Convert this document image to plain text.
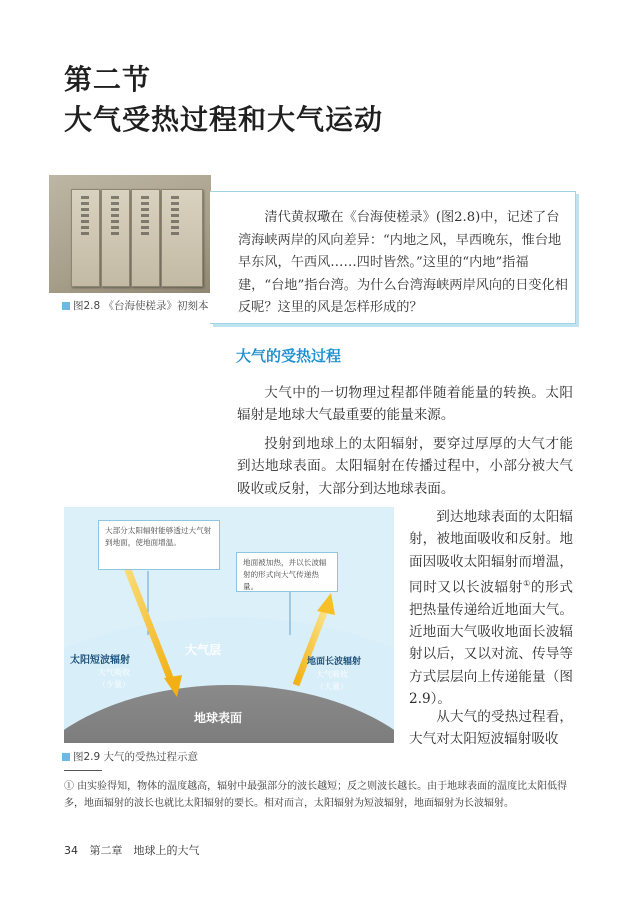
第二节
大气受热过程和大气运动
图2.8 《台海使槎录》初刻本
清代黄叔璥在《台海使槎录》(图2.8)中，记述了台湾海峡两岸的风向差异：“内地之风，早西晚东，惟台地早东风，午西风……四时皆然。”这里的“内地”指福建，“台地”指台湾。为什么台湾海峡两岸风向的日变化相反呢？这里的风是怎样形成的？
大气的受热过程
大气中的一切物理过程都伴随着能量的转换。太阳辐射是地球大气最重要的能量来源。
投射到地球上的太阳辐射，要穿过厚厚的大气才能到达地球表面。太阳辐射在传播过程中，小部分被大气吸收或反射，大部分到达地球表面。
到达地球表面的太阳辐射，被地面吸收和反射。地面因吸收太阳辐射而增温，同时又以长波辐射①的形式把热量传递给近地面大气。近地面大气吸收地面长波辐射以后，又以对流、传导等方式层层向上传递能量（图2.9）。
从大气的受热过程看，大气对太阳短波辐射吸收
大部分太阳辐射能够透过大气射到地面，使地面增温。
地面被加热，并以长波辐射的形式向大气传递热量。
大气层
太阳短波辐射
大气吸收
（少量）
地面长波辐射
大气吸收
（大量）
地球表面
图2.9 大气的受热过程示意
① 由实验得知，物体的温度越高，辐射中最强部分的波长越短；反之则波长越长。由于地球表面的温度比太阳低得多，地面辐射的波长也就比太阳辐射的要长。相对而言，太阳辐射为短波辐射，地面辐射为长波辐射。
34 第二章　地球上的大气
